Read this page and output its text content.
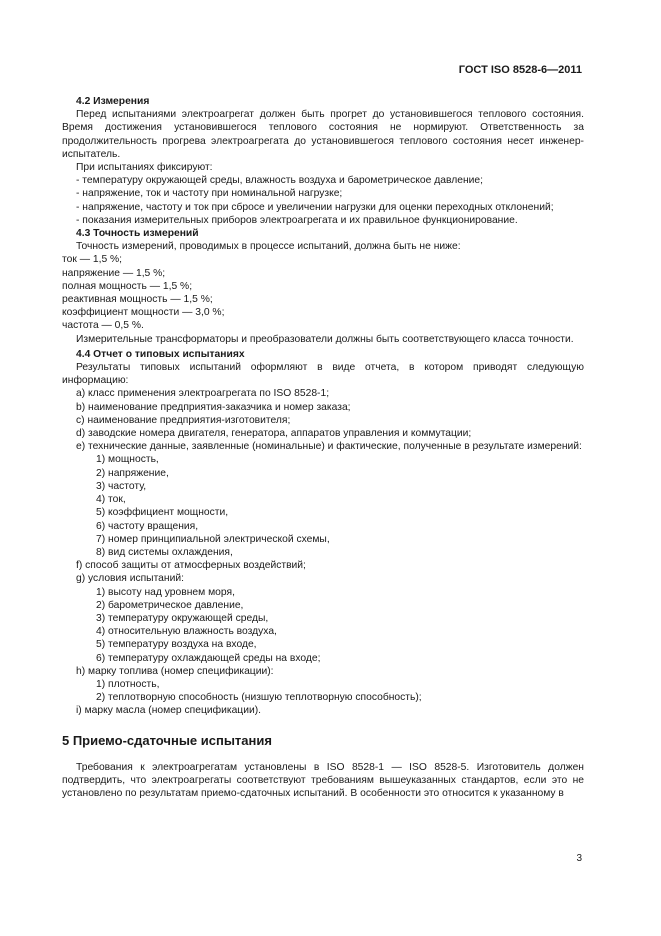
ГОСТ ISO 8528-6—2011
4.2 Измерения
Перед испытаниями электроагрегат должен быть прогрет до установившегося теплового состояния. Время достижения установившегося теплового состояния не нормируют. Ответственность за продолжительность прогрева электроагрегата до установившегося теплового состояния несет инженер-испытатель.
При испытаниях фиксируют:
- температуру окружающей среды, влажность воздуха и барометрическое давление;
- напряжение, ток и частоту при номинальной нагрузке;
- напряжение, частоту и ток при сбросе и увеличении нагрузки для оценки переходных отклонений;
- показания измерительных приборов электроагрегата и их правильное функционирование.
4.3 Точность измерений
Точность измерений, проводимых в процессе испытаний, должна быть не ниже:
ток — 1,5 %;
напряжение — 1,5 %;
полная мощность — 1,5 %;
реактивная мощность — 1,5 %;
коэффициент мощности — 3,0 %;
частота — 0,5 %.
Измерительные трансформаторы и преобразователи должны быть соответствующего класса точности.
4.4 Отчет о типовых испытаниях
Результаты типовых испытаний оформляют в виде отчета, в котором приводят следующую информацию:
a) класс применения электроагрегата по ISO 8528-1;
b) наименование предприятия-заказчика и номер заказа;
c) наименование предприятия-изготовителя;
d) заводские номера двигателя, генератора, аппаратов управления и коммутации;
e) технические данные, заявленные (номинальные) и фактические, полученные в результате измерений:
1) мощность,
2) напряжение,
3) частоту,
4) ток,
5) коэффициент мощности,
6) частоту вращения,
7) номер принципиальной электрической схемы,
8) вид системы охлаждения,
f) способ защиты от атмосферных воздействий;
g) условия испытаний:
1) высоту над уровнем моря,
2) барометрическое давление,
3) температуру окружающей среды,
4) относительную влажность воздуха,
5) температуру воздуха на входе,
6) температуру охлаждающей среды на входе;
h) марку топлива (номер спецификации):
1) плотность,
2) теплотворную способность (низшую теплотворную способность);
i) марку масла (номер спецификации).
5 Приемо-сдаточные испытания
Требования к электроагрегатам установлены в ISO 8528-1 — ISO 8528-5. Изготовитель должен подтвердить, что электроагрегаты соответствуют требованиям вышеуказанных стандартов, если это не установлено по результатам приемо-сдаточных испытаний. В особенности это относится к указанному в
3
